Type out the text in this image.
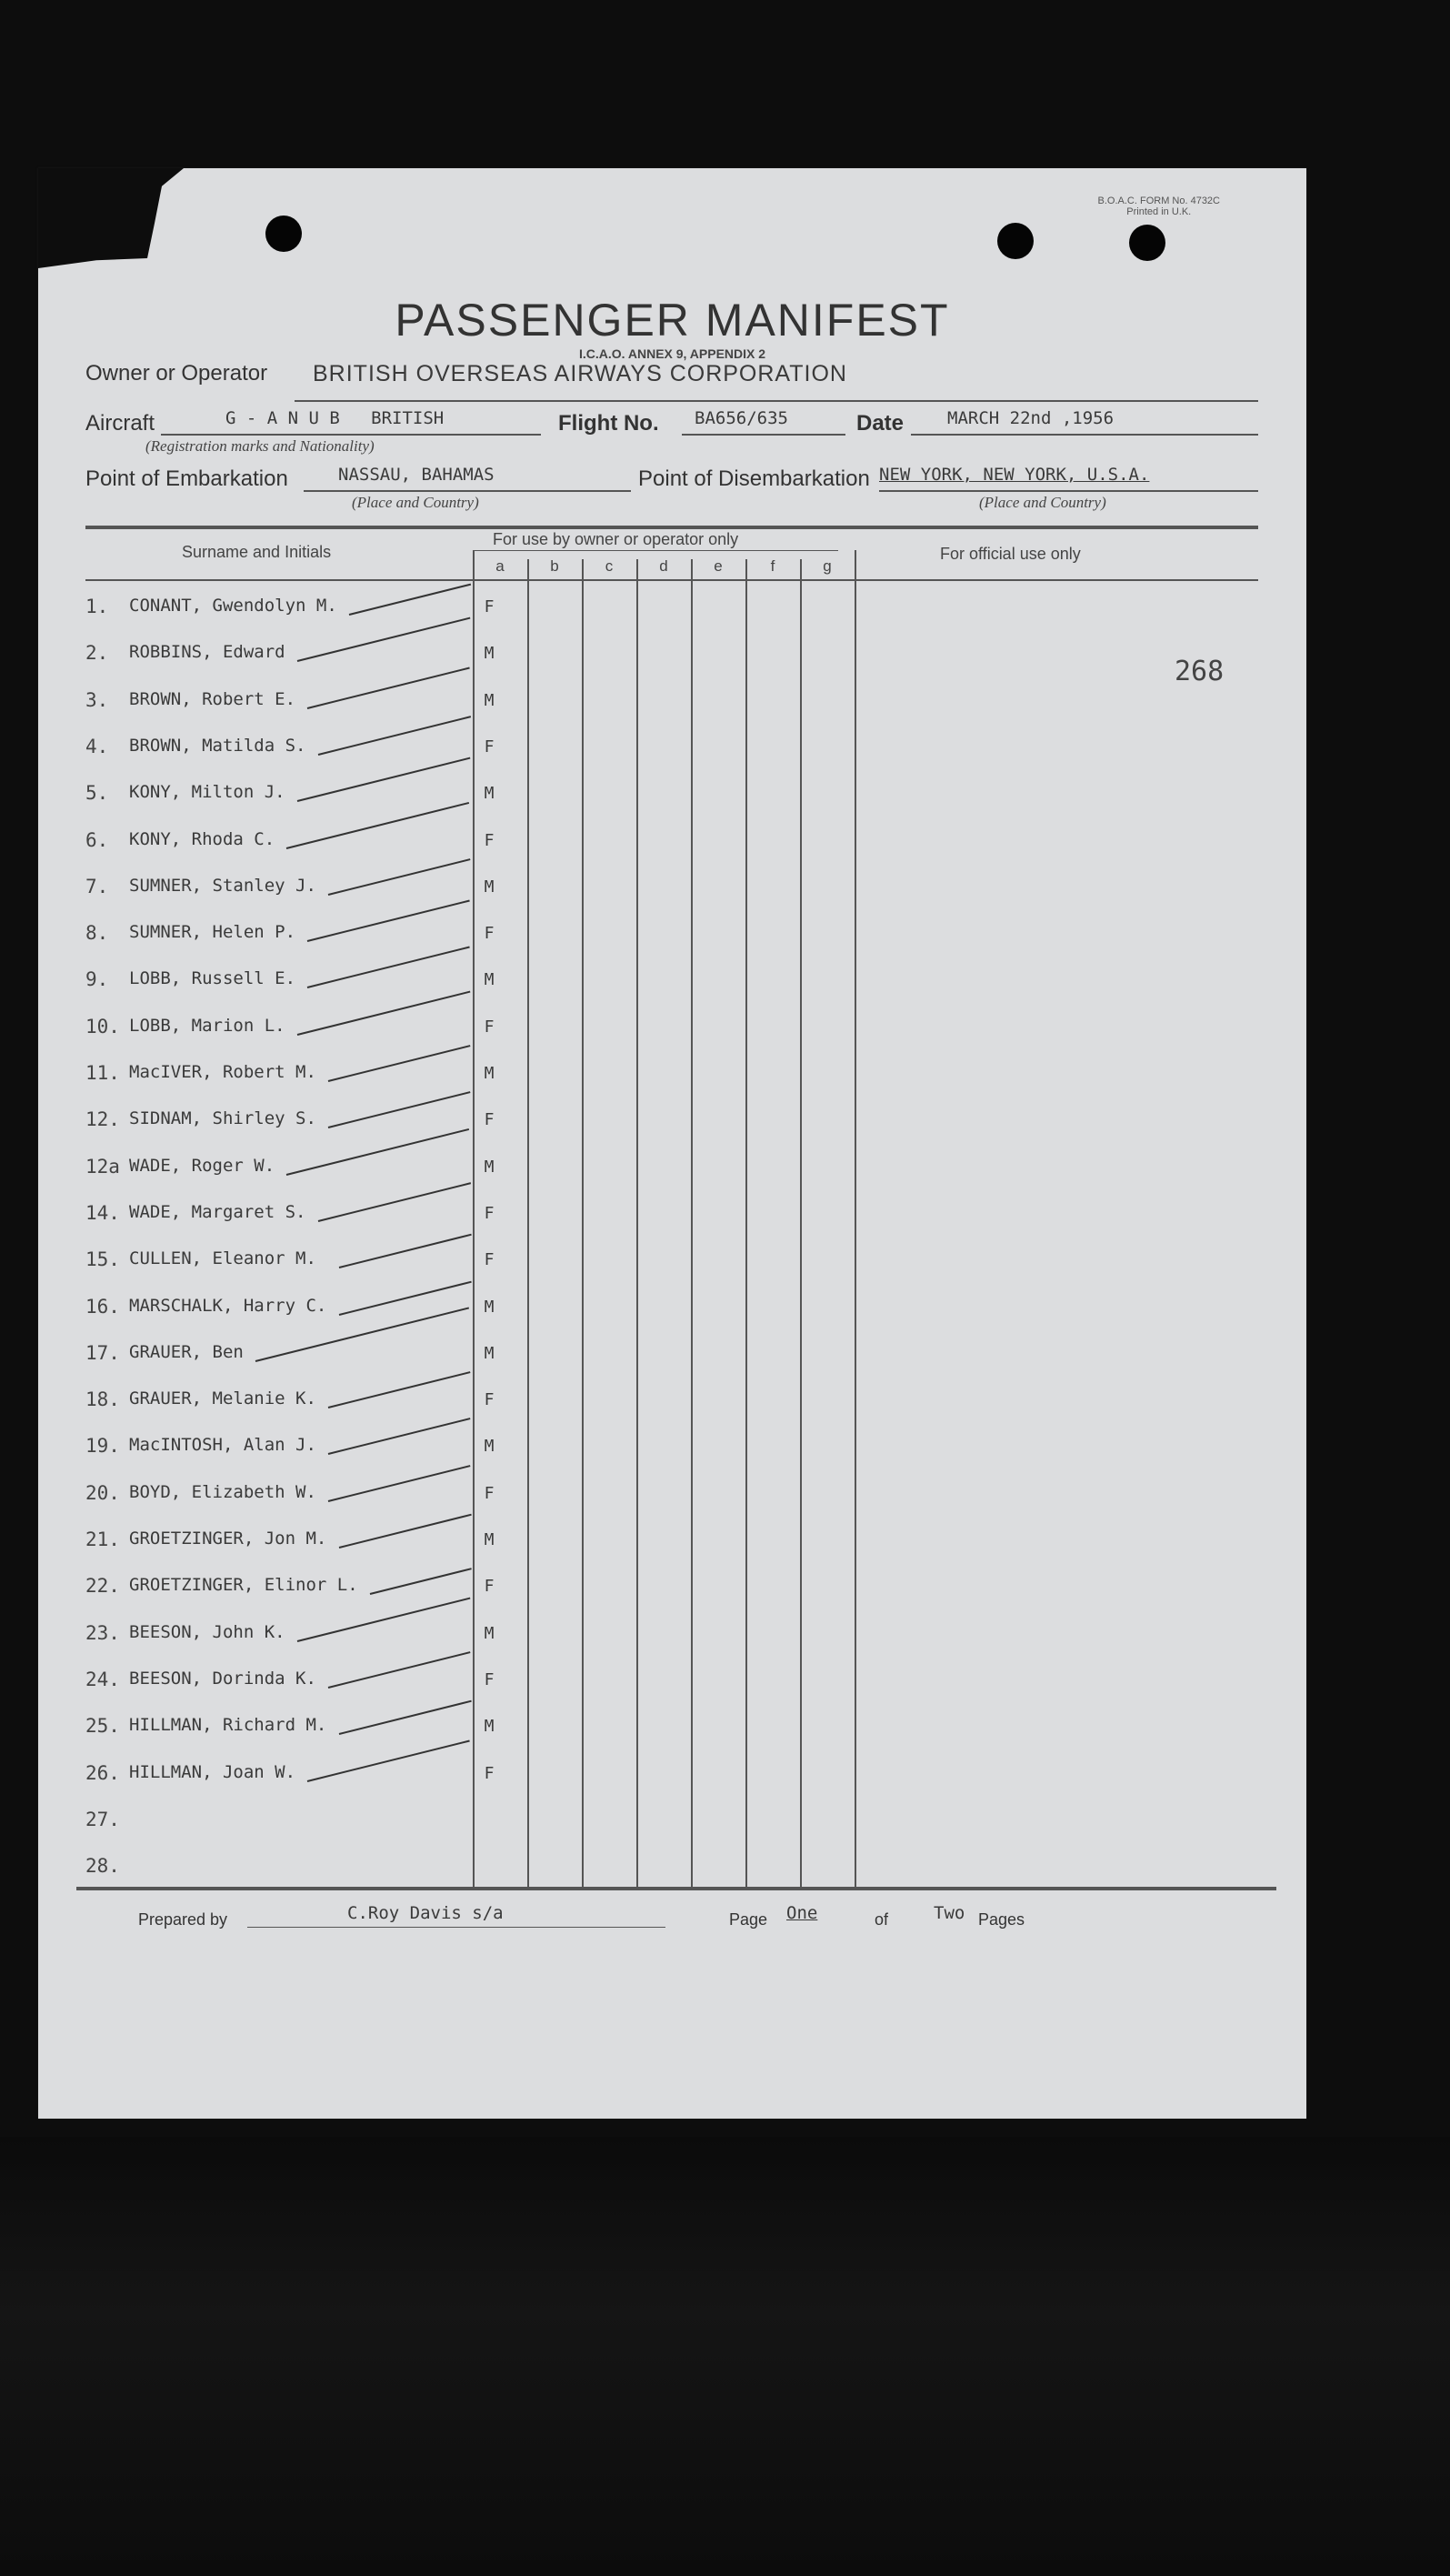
B.O.A.C. FORM No. 4732C
Printed in U.K.
PASSENGER MANIFEST
I.C.A.O. ANNEX 9, APPENDIX 2
Owner or Operator BRITISH OVERSEAS AIRWAYS CORPORATION
Aircraft	G - A N U B   BRITISH
(Registration marks and Nationality)
Flight No. BA656/635	Date	MARCH 22nd ,1956
Point of Embarkation	NASSAU, BAHAMAS
(Place and Country)
Point of Disembarkation NEW YORK, NEW YORK, U.S.A.
(Place and Country)
Surname and Initials
For use by owner or operator only
For official use only
a	b	c	d	e	f	g
1. CONANT, Gwendolyn M.	F
2. ROBBINS, Edward	M
3. BROWN, Robert E.	M
4. BROWN, Matilda S.	F
5. KONY, Milton J.	M
6. KONY, Rhoda C.	F
7. SUMNER, Stanley J.	M
8. SUMNER, Helen P.	F
9. LOBB, Russell E.	M
10. LOBB, Marion L.	F
11. MacIVER, Robert M.	M
12. SIDNAM, Shirley S.	F
12a WADE, Roger W.	M
14. WADE, Margaret S.	F
15. CULLEN, Eleanor M.	F
16. MARSCHALK, Harry C.	M
17. GRAUER, Ben	M
18. GRAUER, Melanie K.	F
19. MacINTOSH, Alan J.	M
20. BOYD, Elizabeth W.	F
21. GROETZINGER, Jon M.	M
22. GROETZINGER, Elinor L.	F
23. BEESON, John K.	M
24. BEESON, Dorinda K.	F
25. HILLMAN, Richard M.	M
26. HILLMAN, Joan W.	F
27.
28.
268
Prepared by	C.Roy Davis s/a	Page One	of	Two Pages
